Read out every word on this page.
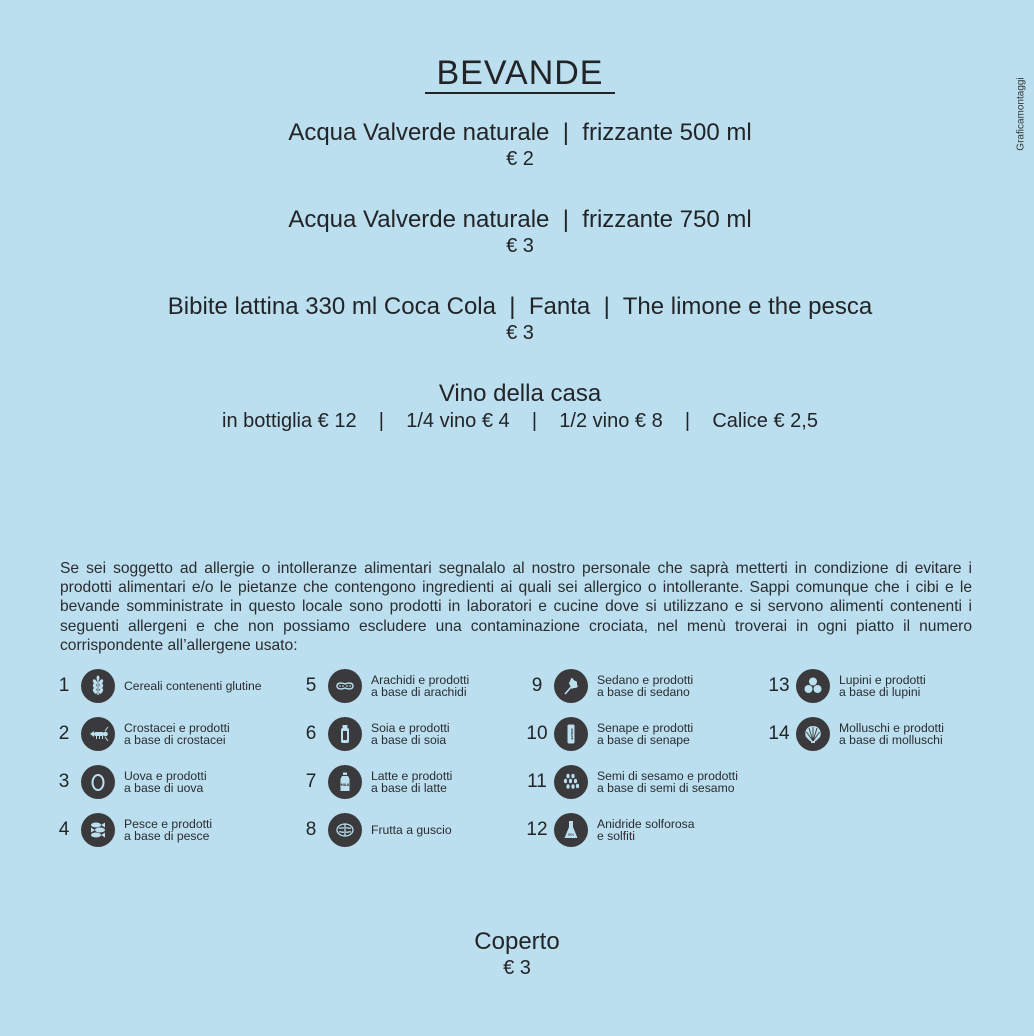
Graficamontaggi
BEVANDE
Acqua Valverde naturale  |  frizzante 500 ml
€ 2
Acqua Valverde naturale  |  frizzante 750 ml
€ 3
Bibite lattina 330 ml Coca Cola  |  Fanta  |  The limone e the pesca
€ 3
Vino della casa
in bottiglia € 12    |    1/4 vino € 4    |    1/2 vino € 8    |    Calice € 2,5
Se sei soggetto ad allergie o intolleranze alimentari segnalalo al nostro personale che saprà metterti in condizione di evitare i prodotti alimentari e/o le pietanze che contengono ingredienti ai quali sei allergico o intollerante. Sappi comunque che i cibi e le bevande somministrate in questo locale sono prodotti in laboratori e cucine dove si utilizzano e si servono alimenti contenenti i seguenti allergeni e che non possiamo escludere una contaminazione crociata, nel menù troverai in ogni piatto il numero corrispondente all’allergene usato:
1	Cereali contenenti glutine
2	Crostacei e prodotti
a base di crostacei
3	Uova e prodotti
a base di uova
4	Pesce e prodotti
a base di pesce
5	Arachidi e prodotti
a base di arachidi
6	Soia e prodotti
a base di soia
7	MILK
Latte e prodotti
a base di latte
8	Frutta a guscio
9	Sedano e prodotti
a base di sedano
10	SENAPE Senape e prodotti
a base di senape
11	Semi di sesamo e prodotti
a base di semi di sesamo
12	SO₂
Anidride solforosa
e solfiti
13	Lupini e prodotti
a base di lupini
14	Molluschi e prodotti
a base di molluschi
Coperto
€ 3
